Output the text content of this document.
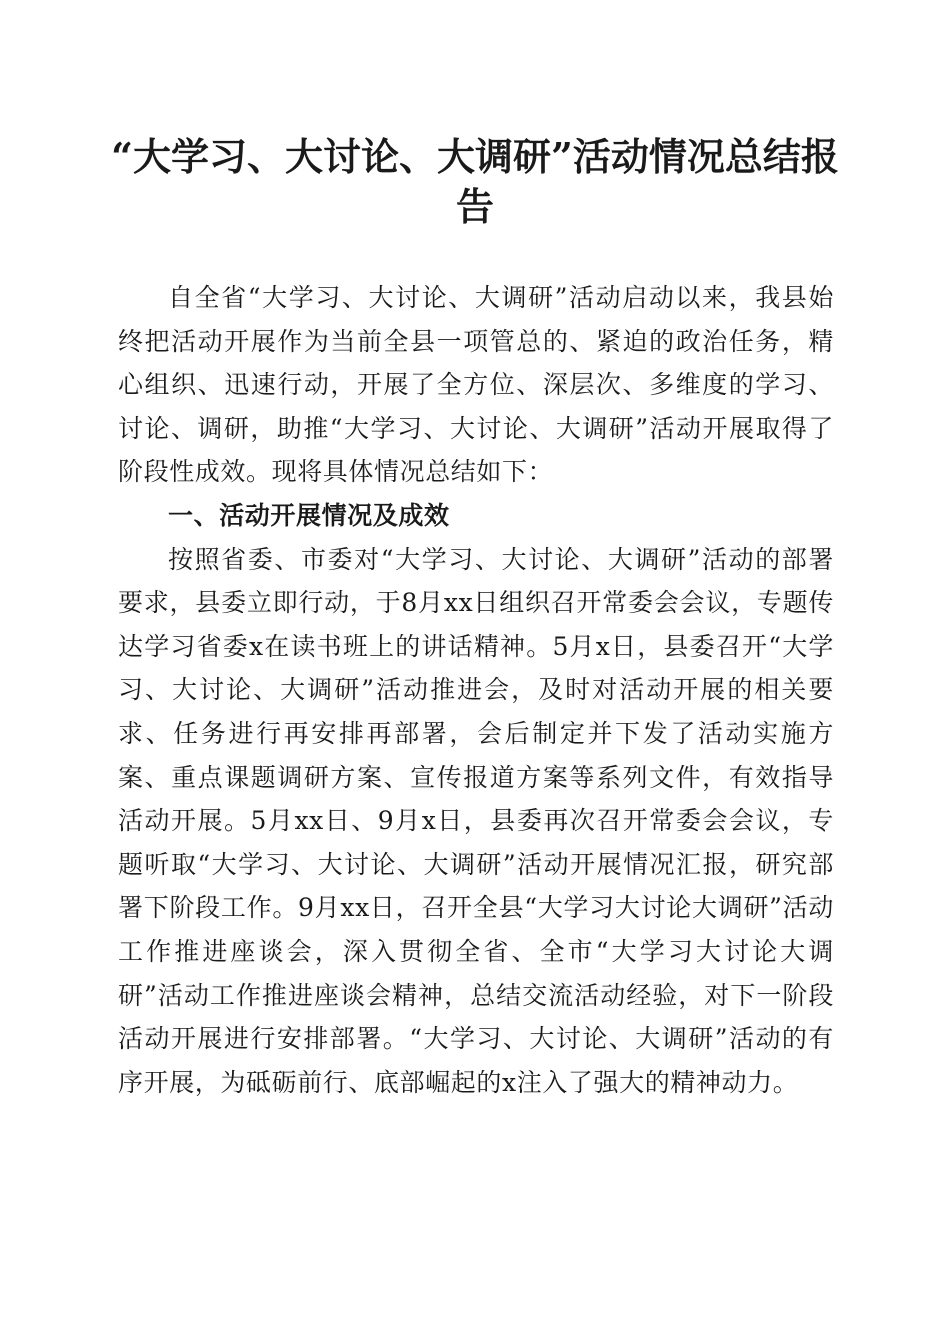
“大学习、大讨论、大调研”活动情况总结报告

自全省“大学习、大讨论、大调研”活动启动以来，我县始终把活动开展作为当前全县一项管总的、紧迫的政治任务，精心组织、迅速行动，开展了全方位、深层次、多维度的学习、讨论、调研，助推“大学习、大讨论、大调研”活动开展取得了阶段性成效。现将具体情况总结如下：

一、活动开展情况及成效

按照省委、市委对“大学习、大讨论、大调研”活动的部署要求，县委立即行动，于8月xx日组织召开常委会会议，专题传达学习省委x在读书班上的讲话精神。5月x日，县委召开“大学习、大讨论、大调研”活动推进会，及时对活动开展的相关要求、任务进行再安排再部署，会后制定并下发了活动实施方案、重点课题调研方案、宣传报道方案等系列文件，有效指导活动开展。5月xx日、9月x日，县委再次召开常委会会议，专题听取“大学习、大讨论、大调研”活动开展情况汇报，研究部署下阶段工作。9月xx日，召开全县“大学习大讨论大调研”活动工作推进座谈会，深入贯彻全省、全市“大学习大讨论大调研”活动工作推进座谈会精神，总结交流活动经验，对下一阶段活动开展进行安排部署。“大学习、大讨论、大调研”活动的有序开展，为砥砺前行、底部崛起的x注入了强大的精神动力。
